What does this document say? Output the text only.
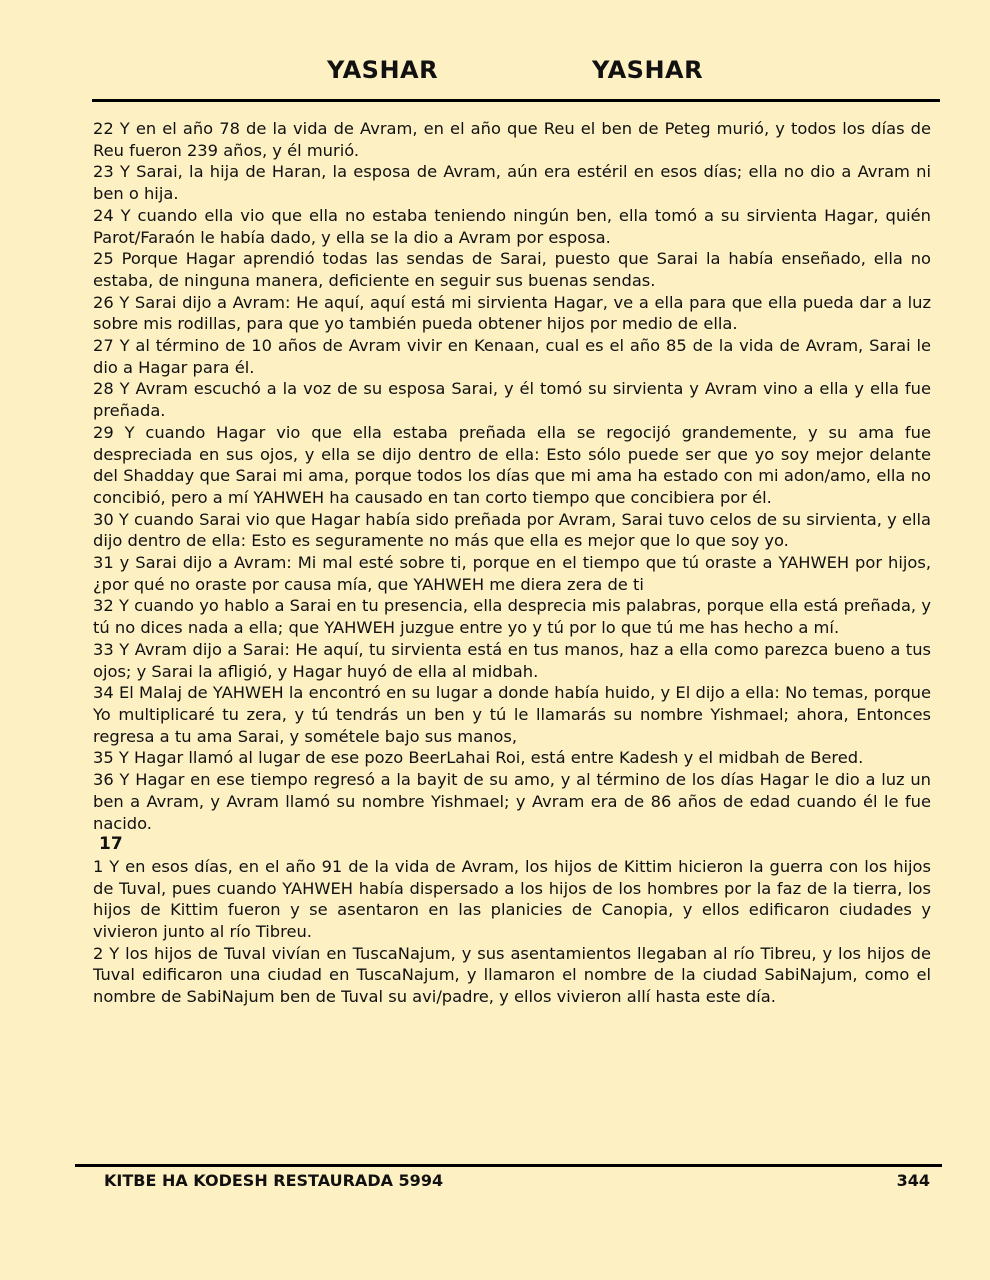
YASHAR	YASHAR

22 Y en el año 78 de la vida de Avram, en el año que Reu el ben de Peteg murió, y todos los días de Reu fueron 239 años, y él murió.

23 Y Sarai, la hija de Haran, la esposa de Avram, aún era estéril en esos días; ella no dio a Avram ni ben o hija.

24 Y cuando ella vio que ella no estaba teniendo ningún ben, ella tomó a su sirvienta Hagar, quién Parot/Faraón le había dado, y ella se la dio a Avram por esposa.

25 Porque Hagar aprendió todas las sendas de Sarai, puesto que Sarai la había enseñado, ella no estaba, de ninguna manera, deficiente en seguir sus buenas sendas.

26 Y Sarai dijo a Avram: He aquí, aquí está mi sirvienta Hagar, ve a ella para que ella pueda dar a luz sobre mis rodillas, para que yo también pueda obtener hijos por medio de ella.

27 Y al término de 10 años de Avram vivir en Kenaan, cual es el año 85 de la vida de Avram, Sarai le dio a Hagar para él.

28 Y Avram escuchó a la voz de su esposa Sarai, y él tomó su sirvienta y Avram vino a ella y ella fue preñada.

29 Y cuando Hagar vio que ella estaba preñada ella se regocijó grandemente, y su ama fue despreciada en sus ojos, y ella se dijo dentro de ella: Esto sólo puede ser que yo soy mejor delante del Shadday que Sarai mi ama, porque todos los días que mi ama ha estado con mi adon/amo, ella no concibió, pero a mí YAHWEH ha causado en tan corto tiempo que concibiera por él.

30 Y cuando Sarai vio que Hagar había sido preñada por Avram, Sarai tuvo celos de su sirvienta, y ella dijo dentro de ella: Esto es seguramente no más que ella es mejor que lo que soy yo.

31 y Sarai dijo a Avram: Mi mal esté sobre ti, porque en el tiempo que tú oraste a YAHWEH por hijos, ¿por qué no oraste por causa mía, que YAHWEH me diera zera de ti

32 Y cuando yo hablo a Sarai en tu presencia, ella desprecia mis palabras, porque ella está preñada, y tú no dices nada a ella; que YAHWEH juzgue entre yo y tú por lo que tú me has hecho a mí.

33 Y Avram dijo a Sarai: He aquí, tu sirvienta está en tus manos, haz a ella como parezca bueno a tus ojos; y Sarai la afligió, y Hagar huyó de ella al midbah.

34 El Malaj de YAHWEH la encontró en su lugar a donde había huido, y El dijo a ella: No temas, porque Yo multiplicaré tu zera, y tú tendrás un ben y tú le llamarás su nombre Yishmael; ahora, Entonces regresa a tu ama Sarai, y sométele bajo sus manos,

35 Y Hagar llamó al lugar de ese pozo BeerLahai Roi, está entre Kadesh y el midbah de Bered.

36 Y Hagar en ese tiempo regresó a la bayit de su amo, y al término de los días Hagar le dio a luz un ben a Avram, y Avram llamó su nombre Yishmael; y Avram era de 86 años de edad cuando él le fue nacido.

17

1 Y en esos días, en el año 91 de la vida de Avram, los hijos de Kittim hicieron la guerra con los hijos de Tuval, pues cuando YAHWEH había dispersado a los hijos de los hombres por la faz de la tierra, los hijos de Kittim fueron y se asentaron en las planicies de Canopia, y ellos edificaron ciudades y vivieron junto al río Tibreu.

2 Y los hijos de Tuval vivían en TuscaNajum, y sus asentamientos llegaban al río Tibreu, y los hijos de Tuval edificaron una ciudad en TuscaNajum, y llamaron el nombre de la ciudad SabiNajum, como el nombre de SabiNajum ben de Tuval su avi/padre, y ellos vivieron allí hasta este día.

KITBE HA KODESH RESTAURADA 5994	344
